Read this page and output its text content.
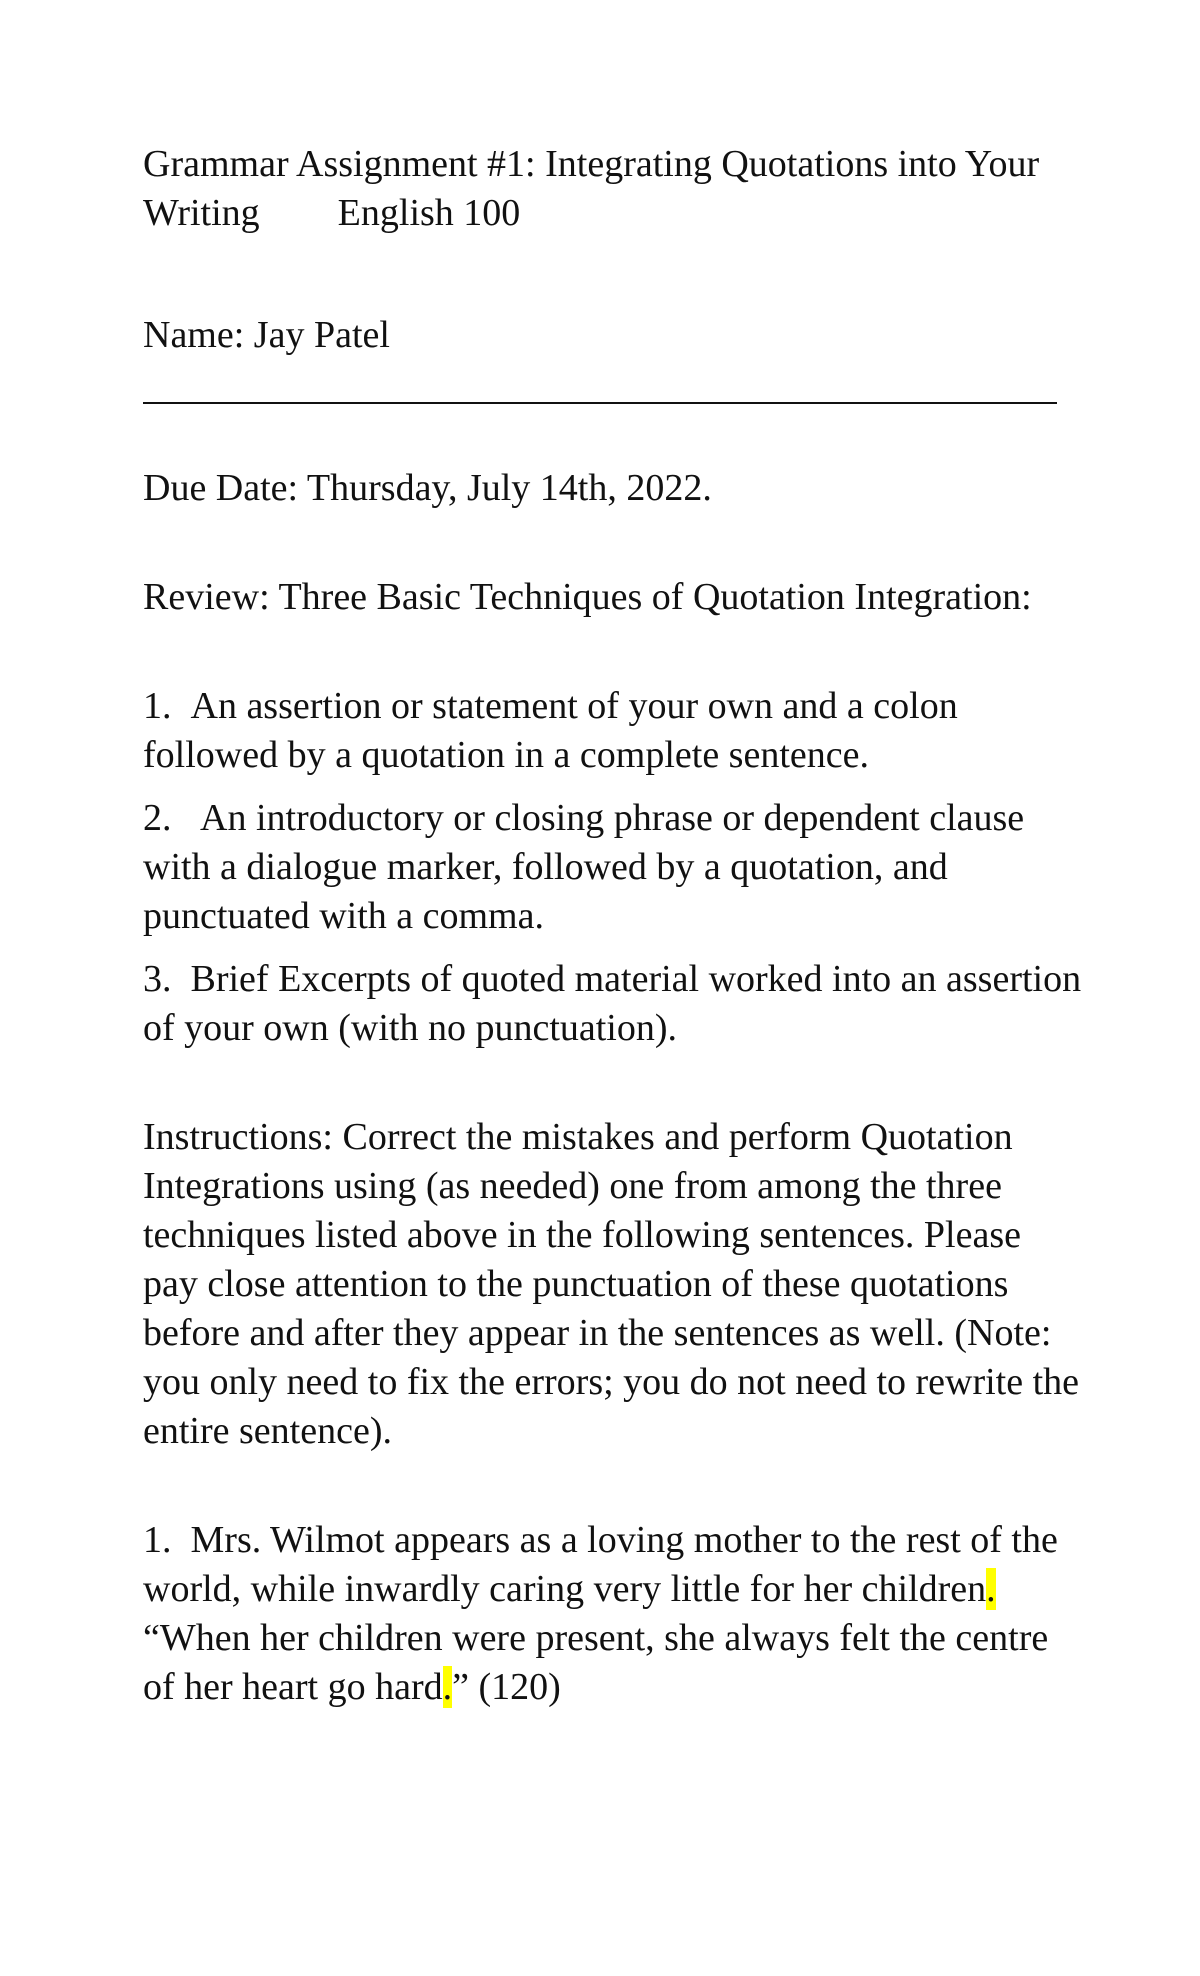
Grammar Assignment #1: Integrating Quotations into Your Writing English 100

Name: Jay Patel

Due Date: Thursday, July 14th, 2022.

Review: Three Basic Techniques of Quotation Integration:

1. An assertion or statement of your own and a colon followed by a quotation in a complete sentence.

2. An introductory or closing phrase or dependent clause with a dialogue marker, followed by a quotation, and punctuated with a comma.

3. Brief Excerpts of quoted material worked into an assertion of your own (with no punctuation).

Instructions: Correct the mistakes and perform Quotation Integrations using (as needed) one from among the three techniques listed above in the following sentences. Please pay close attention to the punctuation of these quotations before and after they appear in the sentences as well. (Note: you only need to fix the errors; you do not need to rewrite the entire sentence).

1. Mrs. Wilmot appears as a loving mother to the rest of the world, while inwardly caring very little for her children. “When her children were present, she always felt the centre of her heart go hard.” (120)
